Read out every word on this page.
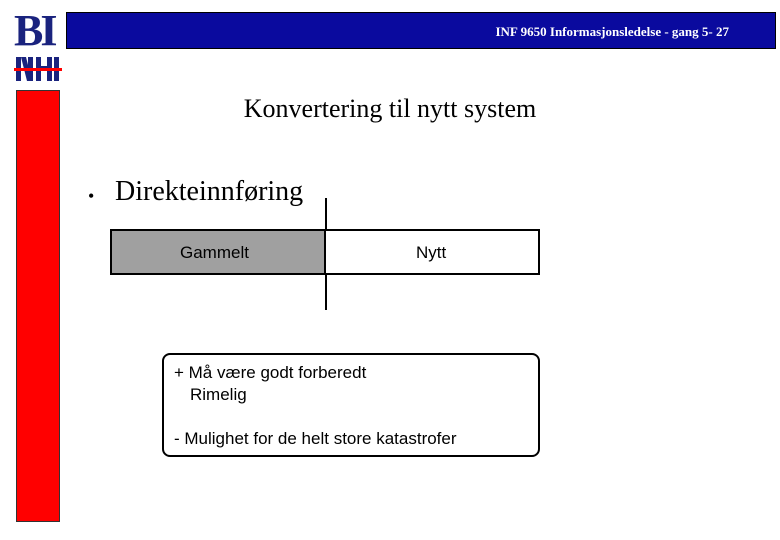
BI	INF 9650 Informasjonsledelse - gang 5- 27
Konvertering til nytt system
• Direkteinnføring
Gammelt	Nytt
+ Må være godt forberedt
Rimelig
- Mulighet for de helt store katastrofer
